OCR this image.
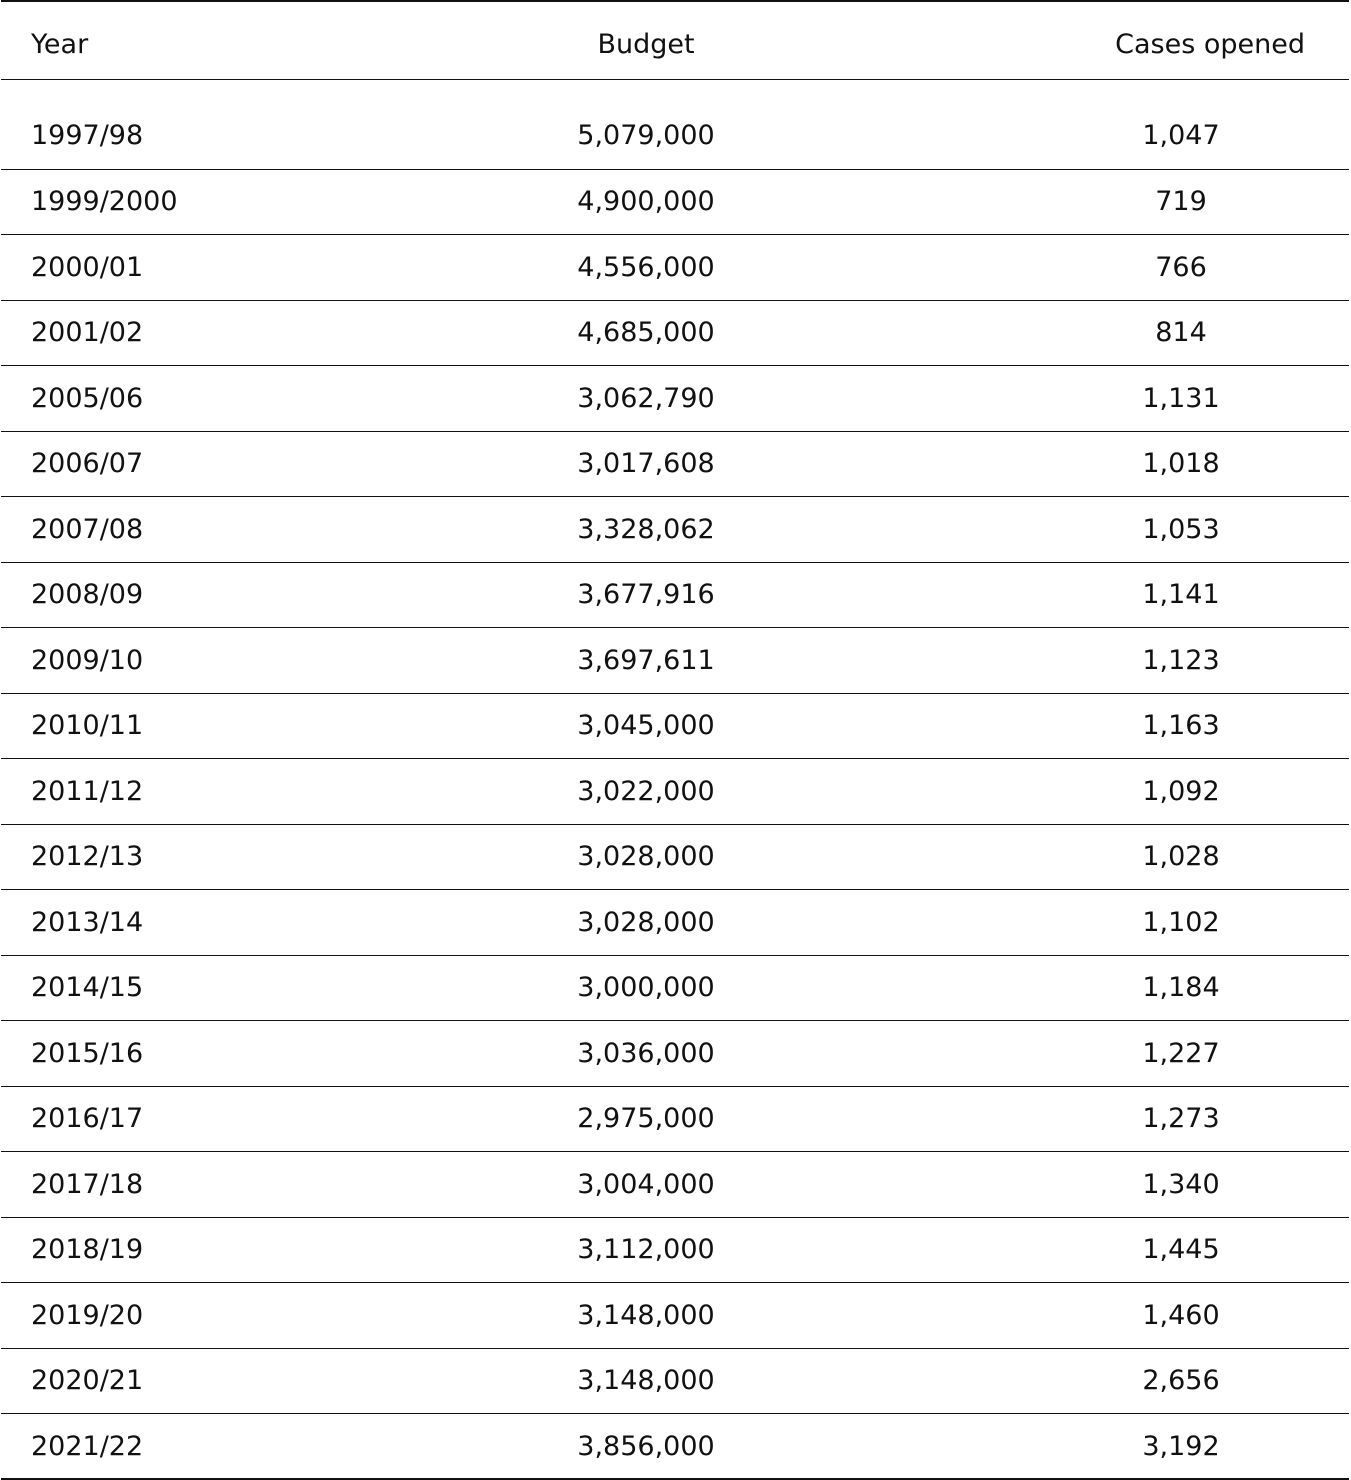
Year	Budget	Cases opened
1997/98	5,079,000	1,047
1999/2000	4,900,000	719
2000/01	4,556,000	766
2001/02	4,685,000	814
2005/06	3,062,790	1,131
2006/07	3,017,608	1,018
2007/08	3,328,062	1,053
2008/09	3,677,916	1,141
2009/10	3,697,611	1,123
2010/11	3,045,000	1,163
2011/12	3,022,000	1,092
2012/13	3,028,000	1,028
2013/14	3,028,000	1,102
2014/15	3,000,000	1,184
2015/16	3,036,000	1,227
2016/17	2,975,000	1,273
2017/18	3,004,000	1,340
2018/19	3,112,000	1,445
2019/20	3,148,000	1,460
2020/21	3,148,000	2,656
2021/22	3,856,000	3,192
